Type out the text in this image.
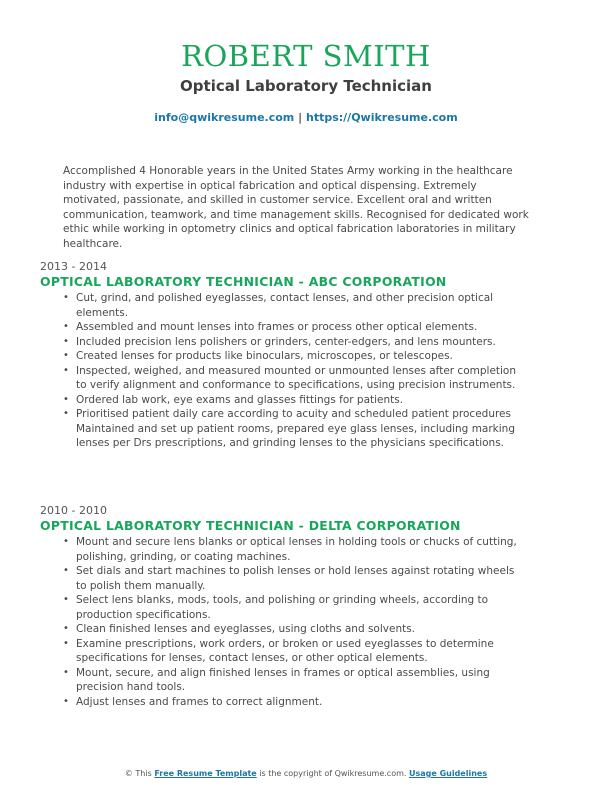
ROBERT SMITH
Optical Laboratory Technician
info@qwikresume.com | https://Qwikresume.com
Accomplished 4 Honorable years in the United States Army working in the healthcare industry with expertise in optical fabrication and optical dispensing. Extremely motivated, passionate, and skilled in customer service. Excellent oral and written communication, teamwork, and time management skills. Recognised for dedicated work ethic while working in optometry clinics and optical fabrication laboratories in military healthcare.
2013 - 2014
OPTICAL LABORATORY TECHNICIAN - ABC CORPORATION
• Cut, grind, and polished eyeglasses, contact lenses, and other precision optical elements.
• Assembled and mount lenses into frames or process other optical elements.
• Included precision lens polishers or grinders, center-edgers, and lens mounters.
• Created lenses for products like binoculars, microscopes, or telescopes.
• Inspected, weighed, and measured mounted or unmounted lenses after completion to verify alignment and conformance to specifications, using precision instruments.
• Ordered lab work, eye exams and glasses fittings for patients.
• Prioritised patient daily care according to acuity and scheduled patient procedures Maintained and set up patient rooms, prepared eye glass lenses, including marking lenses per Drs prescriptions, and grinding lenses to the physicians specifications.
2010 - 2010
OPTICAL LABORATORY TECHNICIAN - DELTA CORPORATION
• Mount and secure lens blanks or optical lenses in holding tools or chucks of cutting, polishing, grinding, or coating machines.
• Set dials and start machines to polish lenses or hold lenses against rotating wheels to polish them manually.
• Select lens blanks, mods, tools, and polishing or grinding wheels, according to production specifications.
• Clean finished lenses and eyeglasses, using cloths and solvents.
• Examine prescriptions, work orders, or broken or used eyeglasses to determine specifications for lenses, contact lenses, or other optical elements.
• Mount, secure, and align finished lenses in frames or optical assemblies, using precision hand tools.
• Adjust lenses and frames to correct alignment.
© This Free Resume Template is the copyright of Qwikresume.com. Usage Guidelines
